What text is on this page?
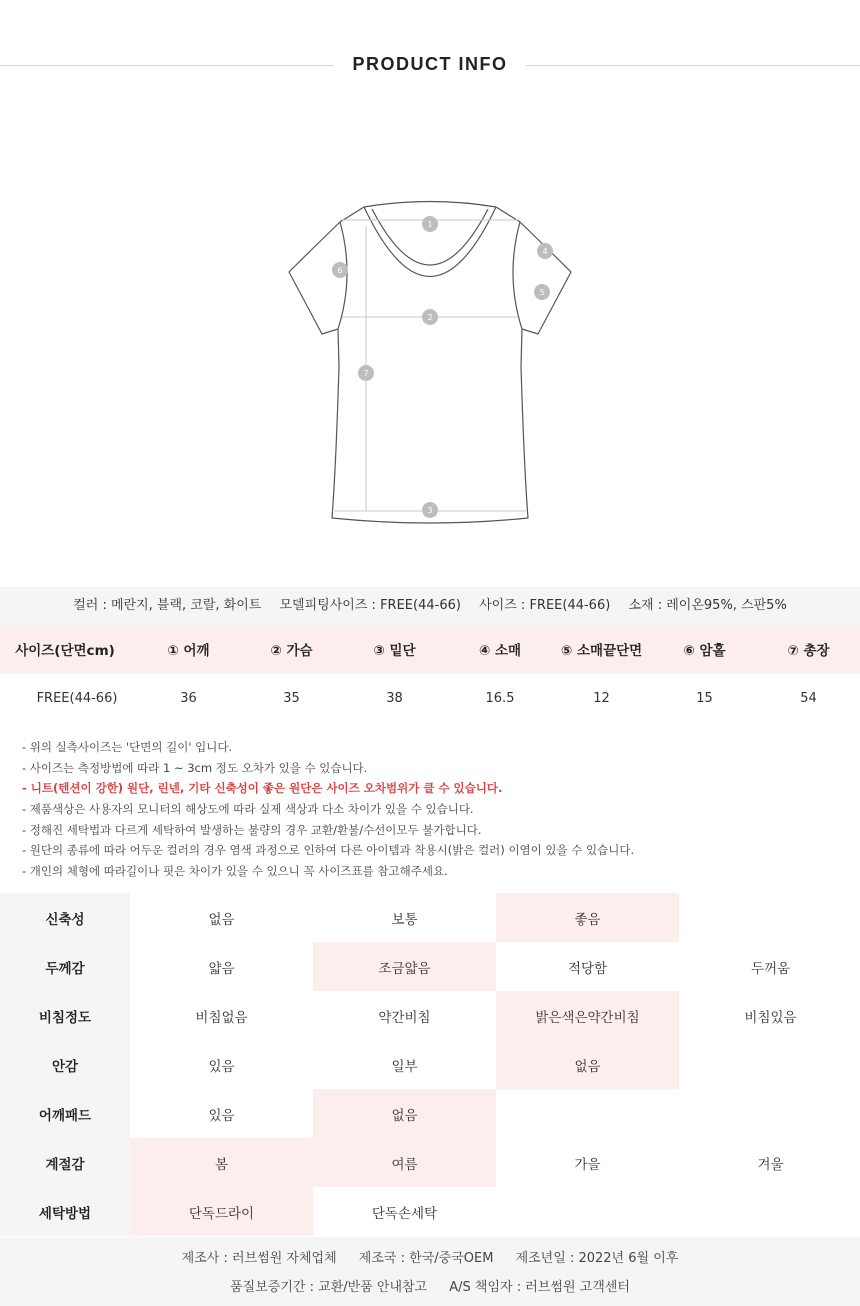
PRODUCT INFO
1
2
3
4
5
6
7
컬러 : 메란지, 블랙, 코랄, 화이트 모델피팅사이즈 : FREE(44-66) 사이즈 : FREE(44-66) 소재 : 레이온95%, 스판5%
사이즈(단면cm)	① 어깨	② 가슴	③ 밑단	④ 소매	⑤ 소매끝단면	⑥ 암홀	⑦ 총장
FREE(44-66)	36	35	38	16.5	12	15	54
- 위의 실측사이즈는 '단면의 길이' 입니다.
- 사이즈는 측정방법에 따라 1 ~ 3cm 정도 오차가 있을 수 있습니다.
- 니트(텐션이 강한) 원단, 린넨, 기타 신축성이 좋은 원단은 사이즈 오차범위가 클 수 있습니다.
- 제품색상은 사용자의 모니터의 해상도에 따라 실제 색상과 다소 차이가 있을 수 있습니다.
- 정해진 세탁법과 다르게 세탁하여 발생하는 불량의 경우 교환/환불/수선이모두 불가합니다.
- 원단의 종류에 따라 어두운 컬러의 경우 염색 과정으로 인하여 다른 아이템과 착용시(밝은 컬러) 이염이 있을 수 있습니다.
- 개인의 체형에 따라길이나 핏은 차이가 있을 수 있으니 꼭 사이즈표를 참고해주세요.
신축성	없음	보통	좋음
두께감	얇음	조금얇음	적당함	두꺼움
비침정도	비침없음	약간비침	밝은색은약간비침	비침있음
안감	있음	일부	없음
어깨패드	있음	없음
계절감	봄	여름	가을	겨울
세탁방법	단독드라이	단독손세탁
제조사 : 러브썸원 자체업체 제조국 : 한국/중국OEM 제조년일 : 2022년 6월 이후
품질보증기간 : 교환/반품 안내참고 A/S 책임자 : 러브썸원 고객센터
